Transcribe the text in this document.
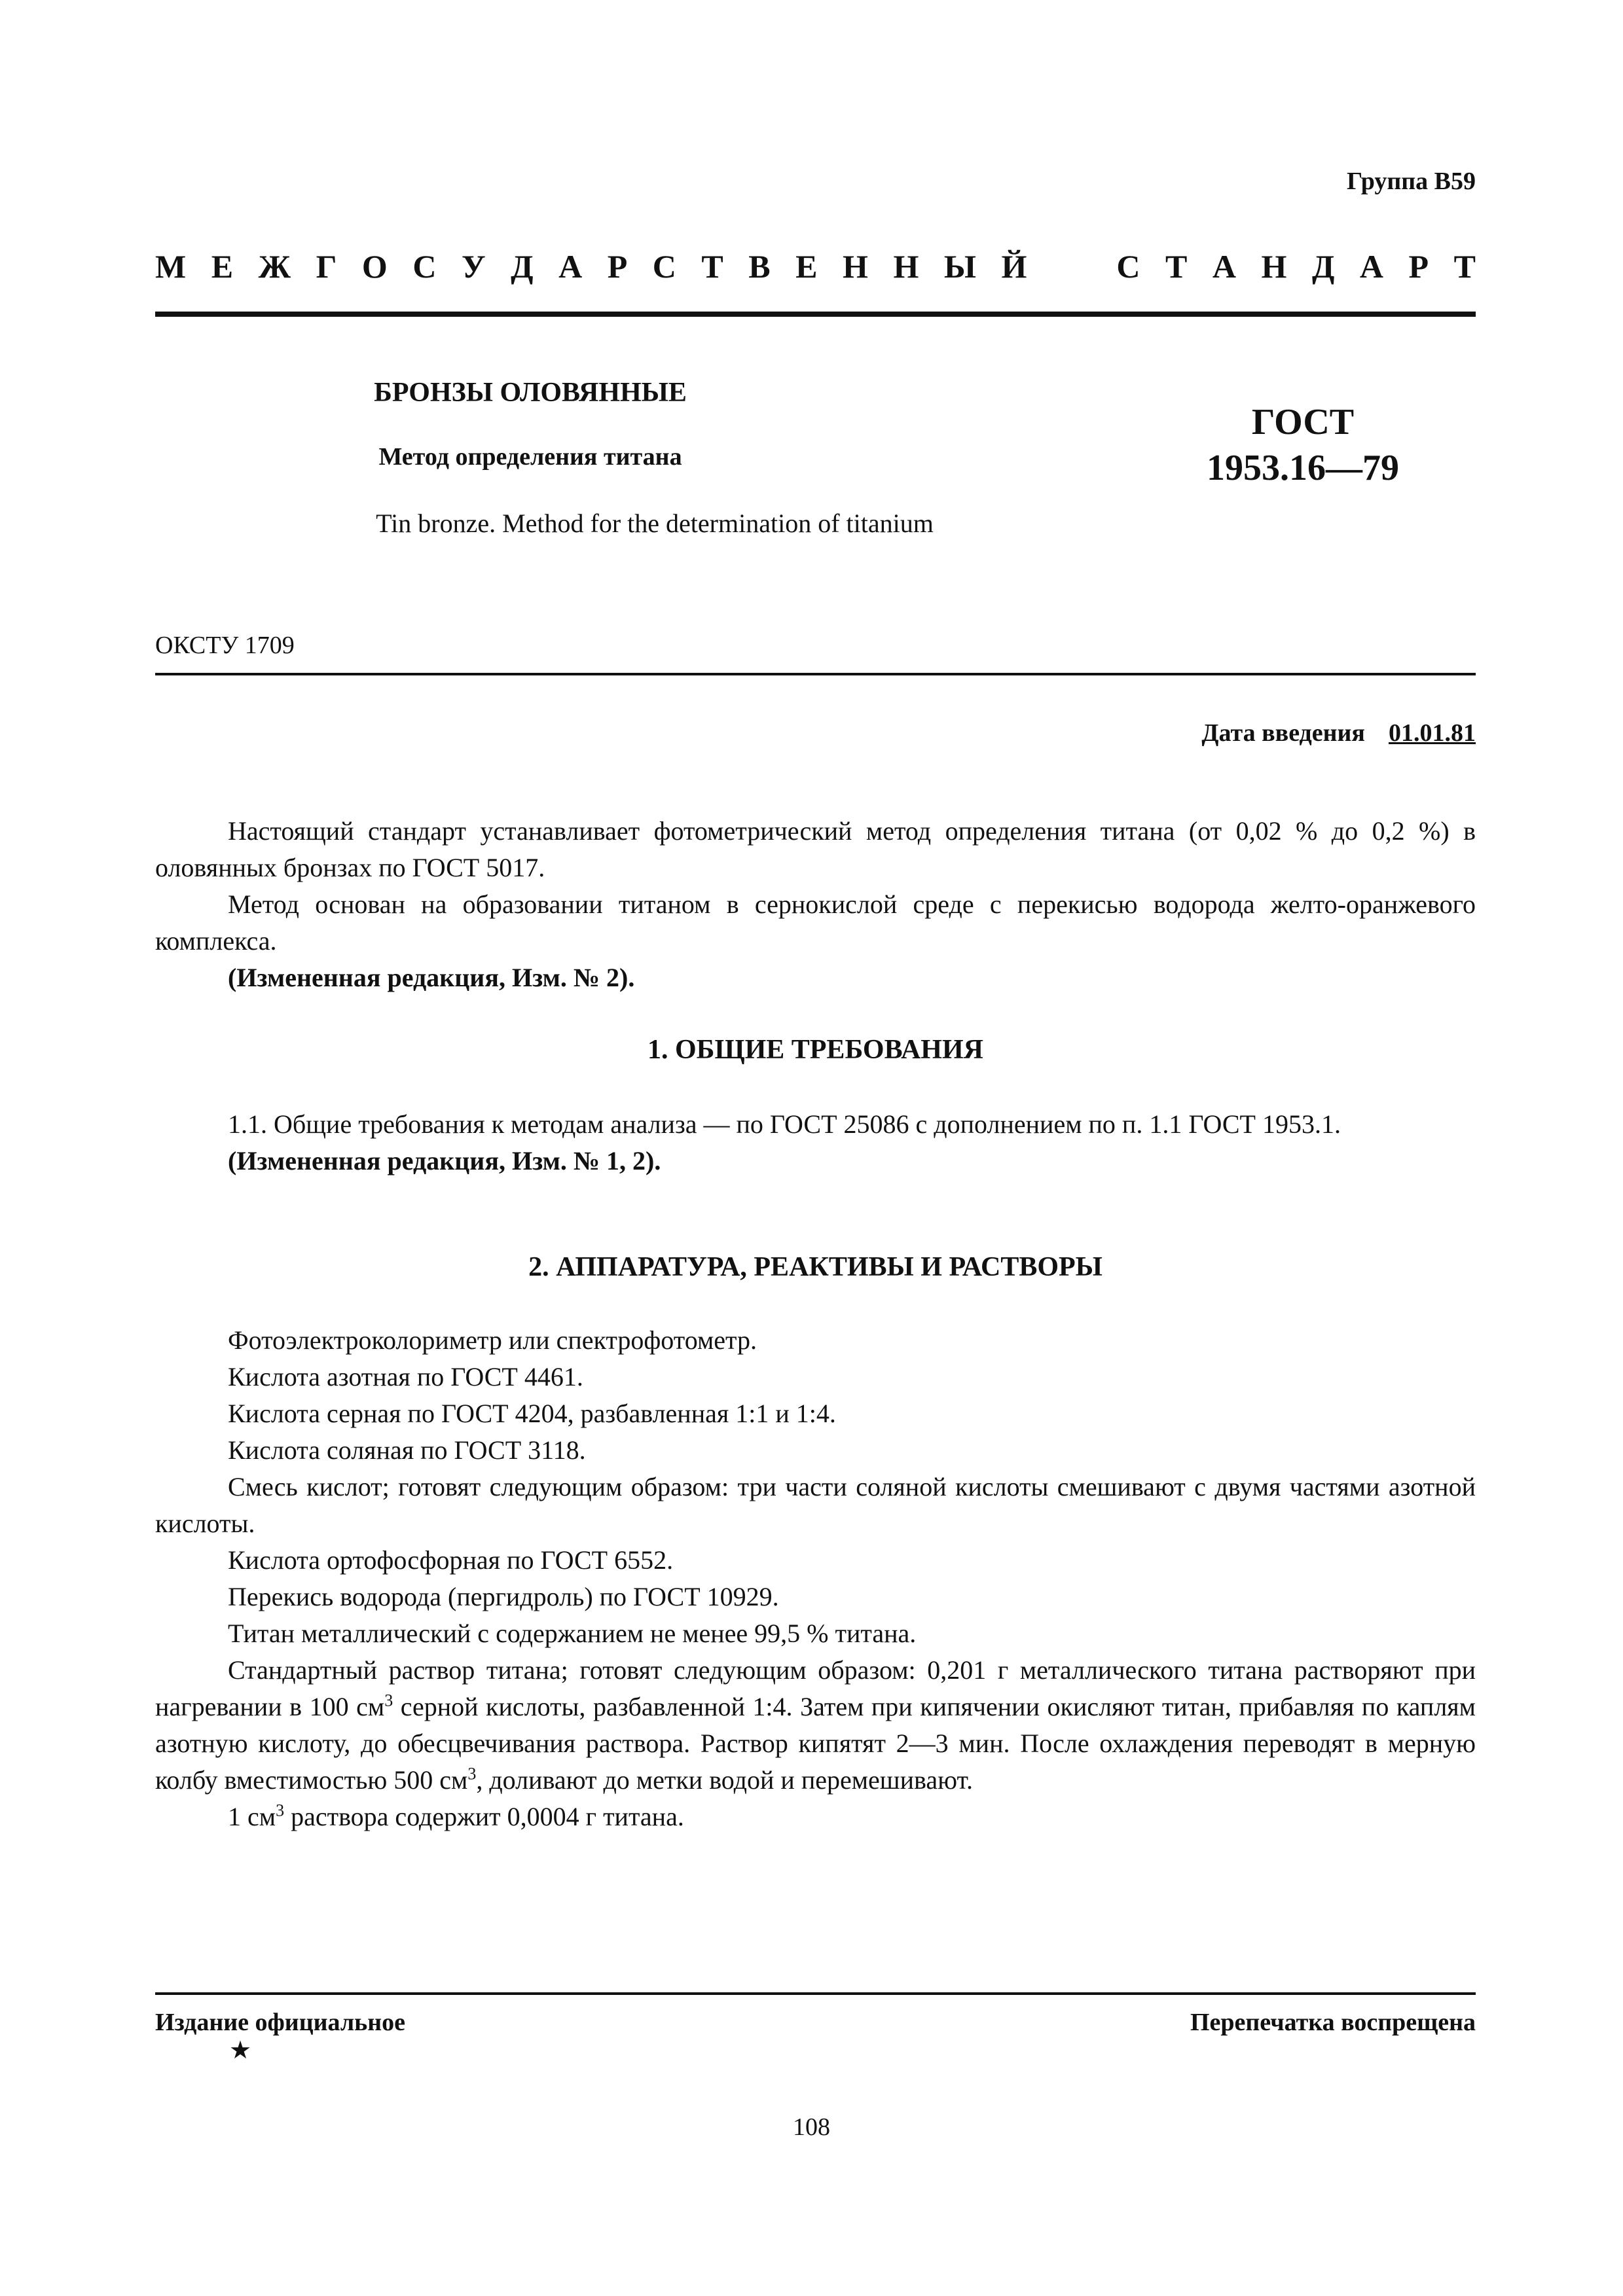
Группа В59
М Е Ж Г О С У Д А Р С Т В Е Н Н Ы Й	С Т А Н Д А Р Т
БРОНЗЫ ОЛОВЯННЫЕ
Метод определения титана
ГОСТ
1953.16—79
Tin bronze. Method for the determination of titanium
ОКСТУ 1709
Дата введения 01.01.81

Настоящий стандарт устанавливает фотометрический метод определения титана (от 0,02 % до 0,2 %) в оловянных бронзах по ГОСТ 5017.

Метод основан на образовании титаном в сернокислой среде с перекисью водорода желто-оранжевого комплекса.

(Измененная редакция, Изм. № 2).

1. ОБЩИЕ ТРЕБОВАНИЯ

1.1. Общие требования к методам анализа — по ГОСТ 25086 с дополнением по п. 1.1 ГОСТ 1953.1.

(Измененная редакция, Изм. № 1, 2).

2. АППАРАТУРА, РЕАКТИВЫ И РАСТВОРЫ

Фотоэлектроколориметр или спектрофотометр.

Кислота азотная по ГОСТ 4461.

Кислота серная по ГОСТ 4204, разбавленная 1:1 и 1:4.

Кислота соляная по ГОСТ 3118.

Смесь кислот; готовят следующим образом: три части соляной кислоты смешивают с двумя частями азотной кислоты.

Кислота ортофосфорная по ГОСТ 6552.

Перекись водорода (пергидроль) по ГОСТ 10929.

Титан металлический с содержанием не менее 99,5 % титана.

Стандартный раствор титана; готовят следующим образом: 0,201 г металлического титана растворяют при нагревании в 100 $см^3$ серной кислоты, разбавленной 1:4. Затем при кипячении окисляют титан, прибавляя по каплям азотную кислоту, до обесцвечивания раствора. Раствор кипятят 2—3 мин. После охлаждения переводят в мерную колбу вместимостью 500 $см^3$, доливают до метки водой и перемешивают.

1 $см^3$ раствора содержит 0,0004 г титана.

Издание официальное	Перепечатка воспрещена
★
108
